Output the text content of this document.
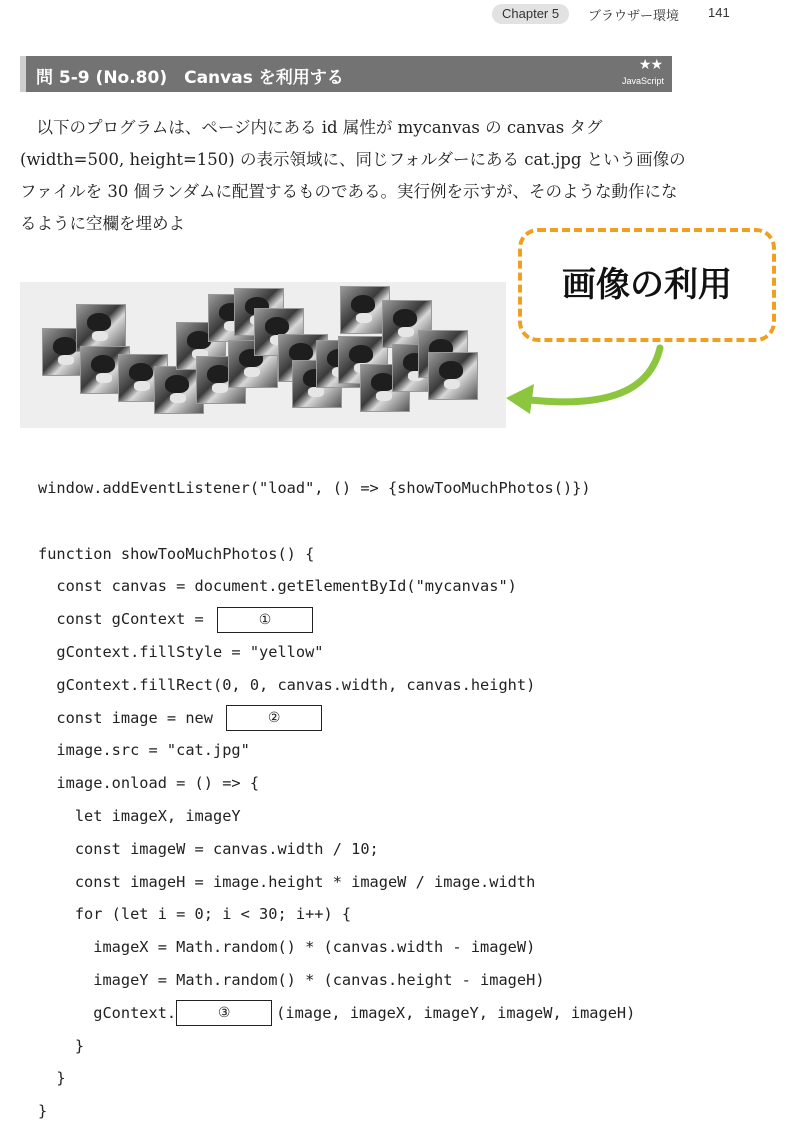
Chapter 5	ブラウザー環境 141
問 5-9 (No.80)　Canvas を利用する
★★
JavaScript

以下のプログラムは、ページ内にある id 属性が mycanvas の canvas タグ (width=500, height=150) の表示領域に、同じフォルダーにある cat.jpg という画像のファイルを 30 個ランダムに配置するものである。実行例を示すが、そのような動作になるように空欄を埋めよ

画像の利用
window.addEventListener("load", () => {showTooMuchPhotos()})
function showTooMuchPhotos() {
const canvas = document.getElementById("mycanvas")
const gContext =	①
gContext.fillStyle = "yellow"
gContext.fillRect(0, 0, canvas.width, canvas.height)
const image = new	②
image.src = "cat.jpg"
image.onload = () => {
let imageX, imageY
const imageW = canvas.width / 10;
const imageH = image.height * imageW / image.width
for (let i = 0; i < 30; i++) {
imageX = Math.random() * (canvas.width - imageW)
imageY = Math.random() * (canvas.height - imageH)
gContext.	③	(image, imageX, imageY, imageW, imageH)
}
}
}
